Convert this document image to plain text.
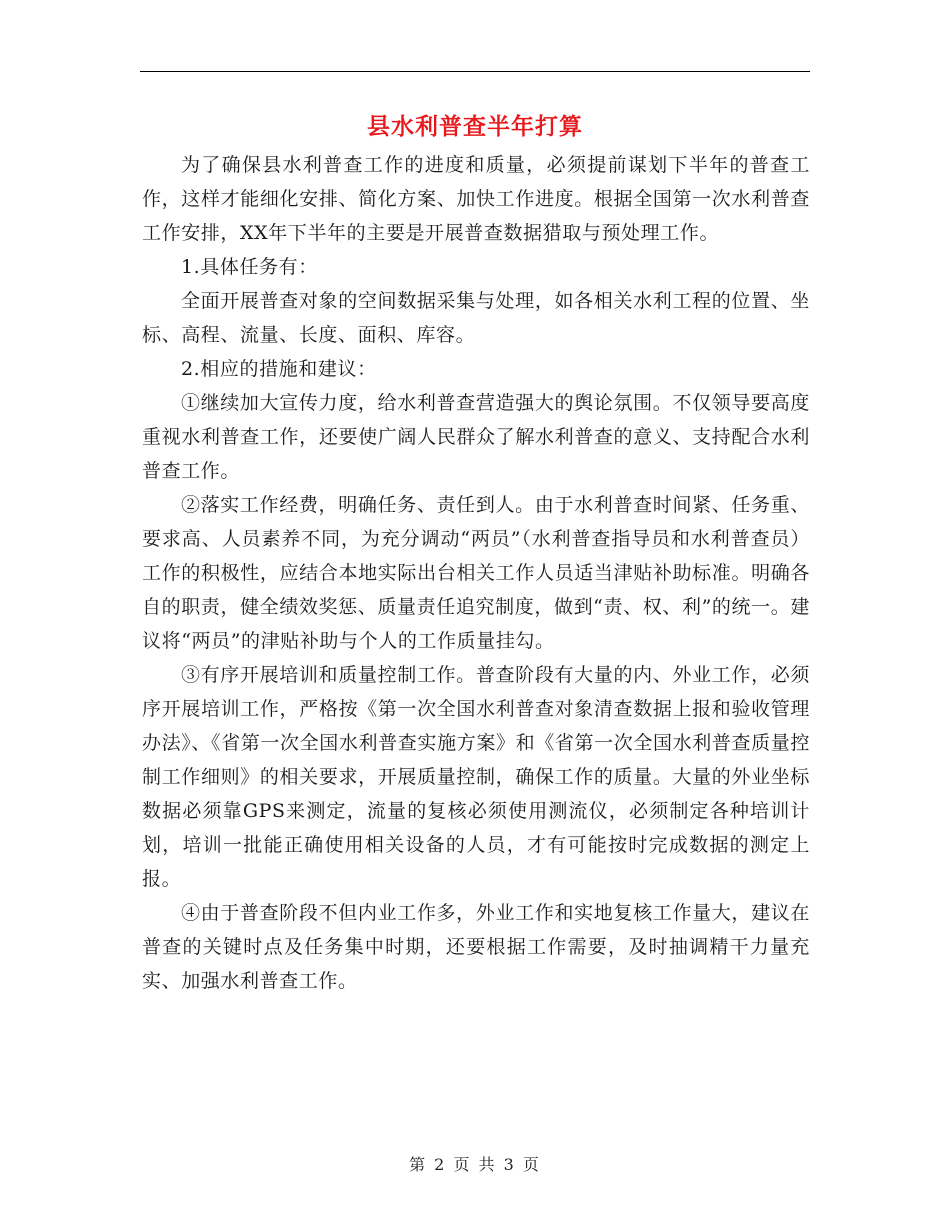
县水利普查半年打算

为了确保县水利普查工作的进度和质量，必须提前谋划下半年的普查工作，这样才能细化安排、简化方案、加快工作进度。根据全国第一次水利普查工作安排，XX年下半年的主要是开展普查数据猎取与预处理工作。

1.具体任务有：

全面开展普查对象的空间数据采集与处理，如各相关水利工程的位置、坐标、高程、流量、长度、面积、库容。

2.相应的措施和建议：

①继续加大宣传力度，给水利普查营造强大的舆论氛围。不仅领导要高度重视水利普查工作，还要使广阔人民群众了解水利普查的意义、支持配合水利普查工作。

②落实工作经费，明确任务、责任到人。由于水利普查时间紧、任务重、要求高、人员素养不同，为充分调动“两员”（水利普查指导员和水利普查员）工作的积极性，应结合本地实际出台相关工作人员适当津贴补助标准。明确各自的职责，健全绩效奖惩、质量责任追究制度，做到“责、权、利”的统一。建议将“两员”的津贴补助与个人的工作质量挂勾。

③有序开展培训和质量控制工作。普查阶段有大量的内、外业工作，必须序开展培训工作，严格按《第一次全国水利普查对象清查数据上报和验收管理办法》、《省第一次全国水利普查实施方案》和《省第一次全国水利普查质量控制工作细则》的相关要求，开展质量控制，确保工作的质量。大量的外业坐标数据必须靠GPS来测定，流量的复核必须使用测流仪，必须制定各种培训计划，培训一批能正确使用相关设备的人员，才有可能按时完成数据的测定上报。

④由于普查阶段不但内业工作多，外业工作和实地复核工作量大，建议在普查的关键时点及任务集中时期，还要根据工作需要，及时抽调精干力量充实、加强水利普查工作。

第 2 页 共 3 页
